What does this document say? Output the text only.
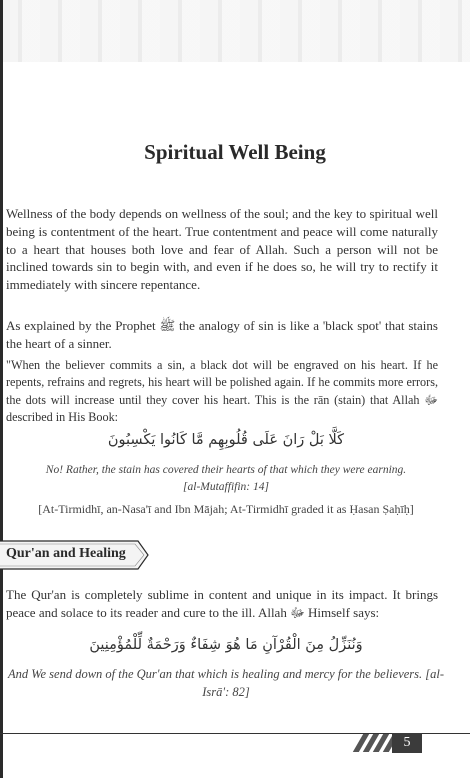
Spiritual Well Being

Wellness of the body depends on wellness of the soul; and the key to spiritual well being is contentment of the heart. True contentment and peace will come naturally to a heart that houses both love and fear of Allah. Such a person will not be inclined towards sin to begin with, and even if he does so, he will try to rectify it immediately with sincere repentance.

As explained by the Prophet ﷺ the analogy of sin is like a 'black spot' that stains the heart of a sinner.

"When the believer commits a sin, a black dot will be engraved on his heart. If he repents, refrains and regrets, his heart will be polished again. If he commits more errors, the dots will increase until they cover his heart. This is the rān (stain) that Allah ﷻ described in His Book:

كَلَّا بَلْ رَانَ عَلَى قُلُوبِهِم مَّا كَانُوا يَكْسِبُونَ

No! Rather, the stain has covered their hearts of that which they were earning.

[al-Mutaffifin: 14]

[At-Tirmidhī, an-Nasa'ī and Ibn Mājah; At-Tirmidhī graded it as Ḥasan Ṣaḥīḥ]

Qur'an and Healing

The Qur'an is completely sublime in content and unique in its impact. It brings peace and solace to its reader and cure to the ill. Allah ﷻ Himself says:

وَنُنَزِّلُ مِنَ الْقُرْآنِ مَا هُوَ شِفَاءٌ وَرَحْمَةٌ لِّلْمُؤْمِنِينَ

And We send down of the Qur'an that which is healing and mercy for the believers. [al-Isrā': 82]

5
